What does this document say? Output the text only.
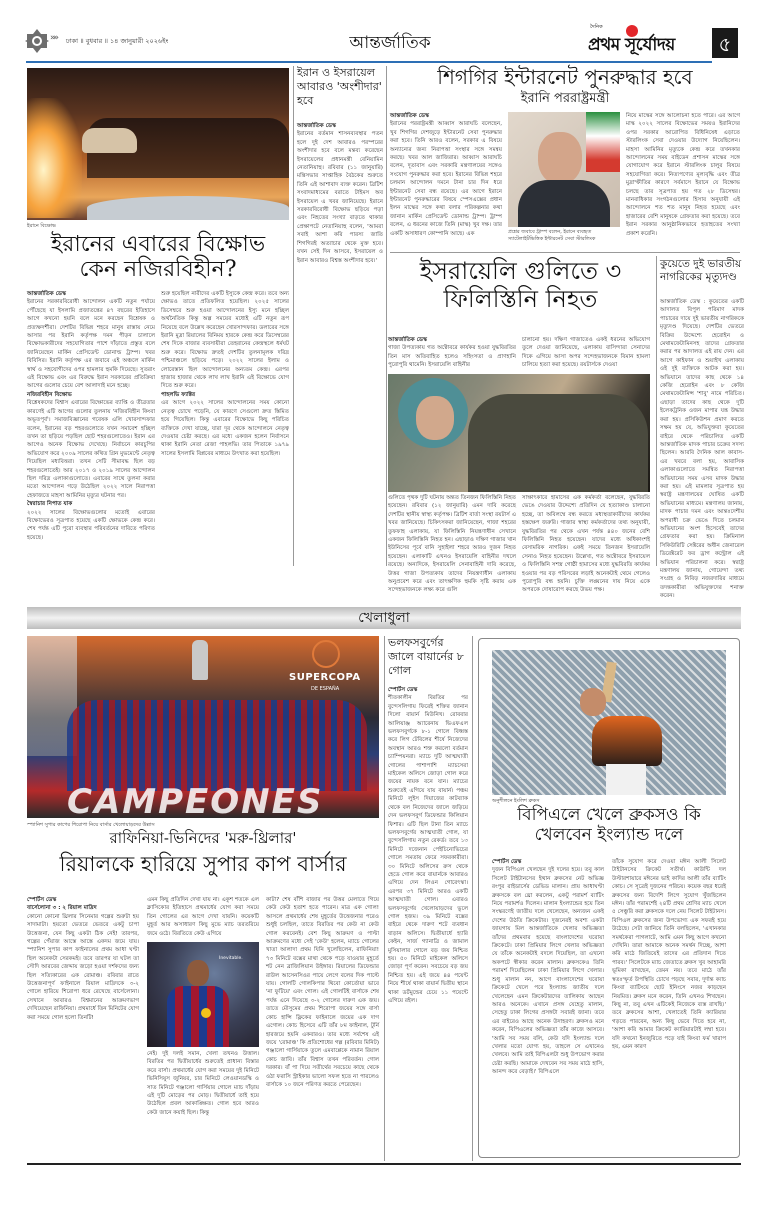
»» ঢাকা ॥ বুধবার ॥ ১৪ জানুয়ারী ২০২৬ইং	আন্তর্জাতিক
দৈনিক
প্রথম সূর্যোদয়	৫
ইরানে বিক্ষোভ
ইরানের এবারের বিক্ষোভ
কেন নজিরবিহীন?
আন্তর্জাতিক ডেস্ক
ইরানের সরকারবিরোধী আন্দোলন একটি নতুন পর্যায়ে পৌঁছেছে যা ইসলামি প্রজাতন্ত্রের ৪৭ বছরের ইতিহাসে আগে কখনো হয়নি বলে মনে করছেন বিশ্লেষক ও প্রত্যক্ষদর্শীরা। দেশটির বিভিন্ন শহরে মানুষ রাস্তায় নেমে আসার পর ইরানি কর্তৃপক্ষ দমন পীড়ন চালালে বিক্ষোভকারীদের সহযোগিতার পাশে দাঁড়াতে প্রস্তুত বলে জানিয়েছেন মার্কিন প্রেসিডেন্ট ডোনাল্ড ট্রাম্প। খবর বিবিসির। ইরানি কর্তৃপক্ষ এর জবাবে এই অঞ্চলে মার্কিন স্বার্থ ও সহযোগীদের ওপর হামলার হুমকি দিয়েছে। সুতরাং এই বিক্ষোভ এবং এর বিরুদ্ধে ইরান সরকারের প্রতিক্রিয়া আগের গুলোর চেয়ে বেশ আলাদাই মনে হচ্ছে।
নজিরবিহীন বিক্ষোভ
বিশ্লেষকদের বিশ্বাস এবারের বিক্ষোভের ব্যাপ্তি ও তীব্রতার কারণেই এটি আগের গুলোর তুলনায় 'নজিরবিহীন কিংবা অভূতপূর্ব'। সমাজবিজ্ঞানের গবেষক এলি খোরসান্দফার বলেন, ইরানের বড় শহরগুলোতে যখন সমাবেশ হচ্ছিল তখন তা ছড়িয়ে পড়ছিল ছোট শহরগুলোতেও। ইরান এর আগেও অনেক বিক্ষোভ দেখেছে। নির্বাচনে কারচুপির অভিযোগ করে ২০০৯ সালের কথিত গ্রিন মুভমেন্টে নেতৃত্ব দিয়েছিল মধ্যবিত্তরা। তখন সেটি সীমাবদ্ধ ছিল বড় শহরগুলোতেই। আর ২০১৭ ও ২০১৯ সালের আন্দোলন ছিল দরিদ্র এলাকাগুলোতে। এবারের সাথে তুলনা করার মতো আন্দোলন গড়ে উঠেছিল ২০২২ সালে নিরাপত্তা হেফাজতে মাহসা আমিনির মৃত্যুর ঘটনার পর।
স্বৈরাচার নিপাত যাক
২০২২ সালের বিক্ষোভগুলোর মতোই এবারের বিক্ষোভেরও সূত্রপাত হয়েছে একটি ক্ষোভকে কেন্দ্র করে। শেষ পর্যন্ত এটি পুরো ব্যবস্থার পরিবর্তনের দাবিতে পরিণত হয়েছে।
শুরু হয়েছিল নারীদের একটি ইস্যুকে কেন্দ্র করে। তবে অন্য ক্ষোভও তাতে প্রতিফলিত হয়েছিল। ২০২৫ সালের ডিসেম্বরে শুরু হওয়া আন্দোলনের ইস্যু মনে হচ্ছিল অর্থনৈতিক কিন্তু অল্প সময়ের মধ্যেই এটি নতুন রূপ নিয়েছে বলে উল্লেখ করেছেন খোরসান্দফার। ডলারের সঙ্গে ইরানি মুদ্রা রিয়ালের বিনিময় হারকে কেন্দ্র করে ডিসেম্বরের শেষ দিকে বাজার ব্যবসায়ীরা তেহরানের কেন্দ্রস্থলে ধর্মঘট শুরু করে। বিক্ষোভ দ্রুতই দেশটির তুলনামূলক দরিদ্র পশ্চিমাঞ্চলে ছড়িয়ে পড়ে। ২০২২ সালের ইলাম ও লোরেস্তান ছিল আন্দোলনের অন্যতম কেন্দ্র। এরপর হাজার হাজার থেকে লাখ লাখ ইরানি এই বিক্ষোভে যোগ দিতে শুরু করে।
পাহলভি ফ্যাক্টর
এর আগে ২০২২ সালের আন্দোলনের সময় কোনো নেতৃত্ব চোখে পড়েনি, যে কারণে সেগুলো দ্রুত স্তিমিত হয়ে গিয়েছিল। কিন্তু এবারের বিক্ষোভে কিছু পরিচিত ব্যক্তিকে দেখা যাচ্ছে, যারা দূর থেকে আন্দোলনে নেতৃত্ব দেওয়ার চেষ্টা করছে। এর মধ্যে একজন হলেন নির্বাসনে থাকা ইরানি নেতা রেজা পাহলভি। তার পিতাকে ১৯৭৯ সালের ইসলামি বিপ্লবের মাধ্যমে উৎখাত করা হয়েছিল।
ইরান ও ইসরায়েল আবারও 'অংশীদার' হবে
আন্তর্জাতিক ডেস্ক
ইরানের বর্তমান শাসনব্যবস্থার পতন হলে দুই দেশ আবারও পরস্পরের অংশীদার হবে বলে মন্তব্য করেছেন ইসরায়েলের প্রধানমন্ত্রী বেনিয়ামিন নেতানিয়াহু। রবিবার (১১ জানুয়ারি) মন্ত্রিসভার সাপ্তাহিক বৈঠকের শুরুতে তিনি এই আশাবাদ ব্যক্ত করেন। ব্রিটিশ সংবাদমাধ্যমের বরাতে টাইমস অব ইসরায়েল এ খবর জানিয়েছে। ইরানে সরকারবিরোধী বিক্ষোভ ছড়িয়ে পড়া এবং নিহতের সংখ্যা বাড়তে থাকার প্রেক্ষাপটে নেতানিয়াহু বলেন, 'আমরা সবাই আশা করি পারস্য জাতি শিগগিরই অত্যাচার থেকে মুক্ত হবে। যখন সেই দিন আসবে, ইসরায়েল ও ইরান আবারও বিশ্বস্ত অংশীদার হবে।'
শিগগির ইন্টারনেট পুনরুদ্ধার হবে
ইরানি পররাষ্ট্রমন্ত্রী
আন্তর্জাতিক ডেস্ক
ইরানের পররাষ্ট্রমন্ত্রী আব্বাস আরাঘচি বলেছেন, খুব শিগগির দেশজুড়ে ইন্টারনেট সেবা পুনরুদ্ধার করা হবে। তিনি আরও বলেন, সরকার এ বিষয়ে অন্যান্যের জন্য নিরাপত্তা সংস্থার সঙ্গে সমন্বয় করছে। খবর আল জাজিরার। আব্বাস আরাঘচি বলেন, দূতাবাস এবং সরকারি মন্ত্রণালয়ের সঙ্গেও সংযোগ পুনরুদ্ধার করা হবে। ইরানের বিভিন্ন শহরে চলমান আন্দোলন দমনে টানা চার দিন ধরে ইন্টারনেট সেবা বন্ধ রয়েছে। এর আগে ইরানে ইন্টারনেট পুনরুদ্ধারের বিষয়ে স্পেসএক্সের প্রধান ইলন মাস্কের সঙ্গে কথা বলার পরিকল্পনার কথা জানান মার্কিন প্রেসিডেন্ট ডোনাল্ড ট্রাম্প। ট্রাম্প বলেন, এ ধরনের কাজে তিনি (মাস্ক) খুব দক্ষ। তার একটি অসাধারণ কোম্পানি আছে। এক	প্রশ্নের জবাবে ট্রাম্প বলেন, ইরানে ব্যবহৃত স্যাটেলাইটভিত্তিক ইন্টারনেট সেবা স্টারলিংক
নিয়ে মাস্কের সঙ্গে আলোচনা হতে পারে। এর আগে মাস্ক ২০২২ সালের বিক্ষোভের সময়ও ইরানিদের ওপর সরকার আরোপিত বিধিনিষেধ এড়াতে স্টারলিংক সেবা দেওয়ার উদ্যোগ নিয়েছিলেন। মাহসা আমিনির মৃত্যুকে কেন্দ্র করে তখনকার আন্দোলনের সময় বাইডেন প্রশাসন মাস্কের সঙ্গে যোগাযোগ করে ইরানে স্টারলিংক চালুর বিষয়ে সহযোগিতা করে। নিত্যপণ্যের মূল্যবৃদ্ধি এবং তীব্র মুদ্রাস্ফীতির কারণে সর্বমাসে ইরানে যে বিক্ষোভ চলছে তার সূত্রপাত হয় গত ২৮ ডিসেম্বর। মানবাধিকার সংগঠনগুলোর হিসাব অনুযায়ী এই আন্দোলনে শত শত মানুষ নিহত হয়েছে এবং হাজারের বেশি মানুষকে গ্রেফতার করা হয়েছে। তবে ইরান সরকার আনুষ্ঠানিকভাবে হতাহতের সংখ্যা প্রকাশ করেনি।
ইসরায়েলি গুলিতে ৩
ফিলিস্তিনি নিহত
আন্তর্জাতিক ডেস্ক
গাজা উপত্যকায় গত অক্টোবরে কার্যকর হওয়া যুদ্ধবিরতির তিন মাস অতিবাহিত হলেও সহিংসতা ও প্রাণহানি পুরোপুরি থামেনি। ইসরায়েলি বাহিনীর
চালানো হয়। দক্ষিণ গাজাতেও একই ধরনের অভিযোগ তুলে দেওয়া জানিয়েছে, এলাকায় বাসিন্দারা সেনাদের দিকে এগিয়ে আসা অপর সন্দেহভাজনকে বিমান হামলা চালিয়ে হত্যা করা হয়েছে। রয়টার্সকে দেওয়া
গুলিতে পৃথক দুটি ঘটনায় অন্তত তিনজন ফিলিস্তিনি নিহত হয়েছেন। রবিবার (১২ জানুয়ারি) এমন দাবি করেছে দেশটির স্থানীয় স্বাস্থ্য কর্তৃপক্ষ। ব্রিটিশ বার্তা সংস্থা রয়টার্স এ খবর জানিয়েছে। চিকিৎসকরা জানিয়েছেন, গাজা শহরের তুফফাহ এলাকায়, যা ফিলিস্তিনি নিয়ন্ত্রণাধীন সেখানে একজন ফিলিস্তিনি নিহত হন। এছাড়াও দক্ষিণ গাজার খান ইউনিসের পূর্বে বানি সুহাইলা শহরে আরও দুজন নিহত হয়েছেন। এলাকাটি এখনও ইসরায়েলি বাহিনীর দখলে রয়েছে। অন্যদিকে, ইসরায়েলি সেনাবাহিনী দাবি করেছে, উত্তর গাজা উপত্যকায় তাদের নিয়ন্ত্রণাধীন এলাকায় অনুপ্রবেশ করে এবং তাৎক্ষণিক হুমকি সৃষ্টি করায় এক সন্দেহভাজনকে লক্ষ্য করে গুলি
সাক্ষাৎকারে হামাসের এক কর্মকর্তা বলেছেন, যুদ্ধবিরতি ভেঙে দেওয়ার উদ্দেশ্যে প্রতিদিন যে হত্যাকাণ্ড চালানো হচ্ছে, তা অবিলম্বে বন্ধ করতে মধ্যস্থতাকারীদের কার্যকর হস্তক্ষেপ জরুরি। গাজার স্বাস্থ্য কর্মকর্তাদের তথ্য অনুযায়ী, যুদ্ধবিরতির পর থেকে এখন পর্যন্ত ৪৪০ জনের বেশি ফিলিস্তিনি নিহত হয়েছেন। যাদের মধ্যে অধিকাংশই বেসামরিক নাগরিক। একই সময়ে তিনজন ইসরায়েলি সেনাও নিহত হয়েছেন। উল্লেখ্য, গত অক্টোবরে ইসরায়েল ও ফিলিস্তিনি সশস্ত্র গোষ্ঠী হামাসের মধ্যে যুদ্ধবিরতি কার্যকর হওয়ার পর বড় পরিসরের লড়াই অনেকটাই থেমে গেলেও পুরোপুরি বন্ধ হয়নি। চুক্তি লঙ্ঘনের দায় নিয়ে একে অপরকে দোষারোপ করছে উভয় পক্ষ।
কুয়েতে দুই ভারতীয় নাগরিকের মৃত্যুদণ্ড
আন্তর্জাতিক ডেস্ক : কুয়েতের একটি আদালত বিপুল পরিমাণ মাদক পাচারের দায়ে দুই ভারতীয় নাগরিককে মৃত্যুদণ্ড দিয়েছে। দেশটির ভেতরে বিক্রির উদ্দেশ্যে হেরোইন ও মেথামফেটামিনসহ তাদের গ্রেফতার করার পর আদালত এই রায় দেন। এর আগে কাইফান ও শুয়াইখ এলাকায় ওই দুই ব্যক্তিকে আটক করা হয়। অভিযানে তাদের কাছ থেকে ১৪ কেজি হেরোইন এবং ৮ কেজি মেথামফেটামিন্স 'শাবু' নামে পরিচিত। এছাড়া তাদের কাছ থেকে দুটি ইলেকট্রনিক ওজন মাপার যন্ত্র উদ্ধার করা হয়। প্রসিকিউশন প্রমাণ করতে সক্ষম হয় যে, অভিযুক্তরা কুয়েতের বাইরে থেকে পরিচালিত একটি আন্তর্জাতিক মাদক পাচার চক্রের সদস্য ছিলেন। আরবি দৈনিক আল কাবাস-এর খবরে বলা হয়, আবাসিক এলাকাগুলোতে সমন্বিত নিরাপত্তা অভিযানের সময় এসব মাদক উদ্ধার করা হয়। এই মামলার সূত্রপাত হয় স্বরাষ্ট্র মন্ত্রণালয়ের ঘোষিত একটি অভিযানের মাধ্যমে। মন্ত্রণালয় জানায়, মাদক পাচার দমন এবং আন্তঃদেশীয় অপরাধী চক্র ভেঙে দিতে চলমান অভিযানের অংশ হিসেবেই তাদের গ্রেফতার করা হয়। ক্রিমিনাল সিকিউরিটি সেক্টরের অধীন জেনারেল ডিরেক্টরেট ফর ড্রাগ কন্ট্রোল এই অভিযান পরিচালনা করে। স্বরাষ্ট্র মন্ত্রণালয় জানায়, গোয়েন্দা তথ্য সংগ্রহ ও নিবিড় নজরদারির মাধ্যমে তদন্তকারীরা অভিযুক্তদের শনাক্ত করেন।
খেলাধুলা
SUPERCOPA
DE ESPAÑA
CAMPEONES
স্প্যানিশ সুপার কাপের শিরোপা নিয়ে বার্সার খেলোয়াড়দের উল্লাস
রাফিনিয়া-ভিনিদের 'মরু-থ্রিলার'
রিয়ালকে হারিয়ে সুপার কাপ বার্সার
স্পোর্টস ডেস্ক
বার্সেলোনা ৩ : ২ রিয়াল মাদ্রিদ
কোনো কোনো থ্রিলার সিনেমার গল্পের শুরুটা হয় সাদামাটা। হয়তো ভেতরে ভেতরে একটু চাপা উত্তেজনা, যেন কিছু একটা ঠিক নেই! তারপর, গল্পের পেঁয়াজ আস্তে আস্তে একদম জমে যায়। স্প্যানিশ সুপার কাপ ফাইনালের প্রথম আধা ঘণ্টা ছিল অনেকটা সেরকমই। তবে তারপর যা ঘটল তা সৌদি আরবের জেদ্দায় জড়ো হওয়া দর্শকদের জন্য ছিল সত্যিকারের এক রোমাঞ্চ। রবিবার রাতে উত্তেজনাপূর্ণ ফাইনালে রিয়াল মাদ্রিদকে ৩-২ গোলে হারিয়ে শিরোপা ধরে রেখেছে বার্সেলোনা। সেখানে আবারও বিশ্বমানের আক্রমণভাগ দেখিয়েছেন রাফিনিয়া। প্রথমার্ধে তিন মিনিটের যোগ করা সময়ে গোল হলো তিনটি!
এমন কিছু প্রতিদিন দেখা যায় না। একুশ শতকে এল ক্লাসিকোর ইতিহাসে প্রথমার্ধের যোগ করা সময়ে তিন গোলের এর আগে দেখা যায়নি। কয়েকটি মুহূর্ত আর অসাধারণ কিছু মুভে ম্যাচ তরতরিয়ে জমে ওঠে। বিরতিতে কেউ এগিয়ে
Inevitable.
নেই। দুই দলই সমান, খেলা তখনও উত্তাল। বিরতির পর দ্বিতীয়ার্ধের শুরুতেই প্রাধান্য বিস্তার করে বার্সা। প্রথমার্ধের যোগ করা সময়ের দুই মিনিটে ভিনিসিয়ুস জুনিয়র, চার মিনিটে লেওয়ানডস্কি ও সাত মিনিটে গঞ্জালো গার্সিয়ার গোলে ম্যাচ দাঁড়ায় এই দুটি মোড়ের পর মোড়। দ্বিতীয়ার্ধে তাই হয়ে উঠেছিল প্রবল আকাঙ্ক্ষিত। গোল হবে আরও কেউ জানে কয়াই ছিল। কিন্তু
কাটা? শেষ বাঁশি বাজার পর উত্তর মেলাতে গিয়ে কেউ কেউ হতাশ হতে পারেন। মাত্র এক গোল! আসলে প্রথমার্ধের শেষ মুহূর্তের উত্তেজনার পরেও শুধুই চলছিল, তাতে বিরতির পর কেউ না কেউ গোল করবেনই। বেশ কিছু আক্রমণ ও পাল্টা আক্রমণের মধ্যে সেই 'কেউ' হলেন, ম্যাচে গোলের খাতা আলাদা প্রথম যিনি খুলেছিলেন, রাফিনিয়া! ৭৩ মিনিটে বক্সের মাথা থেকে পড়ে যাওয়ার মুহূর্তে শট নেন ব্রাজিলিয়ান উইঙ্গার। রিয়ালের ডিফেন্ডার রাউল আসেনসিওর পায়ে লেগে বলের দিক পাল্টে যায়। গোলটি গোলকিপার থিবো কোর্তোয়া ভাবে 'না ফুটিয়ে' এবং গোল। এই গোলটিই বার্সাকে শেষ পর্যন্ত এনে দিয়েছে ৩-২ গোলের দারুণ এক জয়। তাতে মৌসুমের প্রথম শিরোপা জয়ের সঙ্গে বার্সা কোচ হান্সি ফ্লিকের ফাইনালে জয়ের এক দাগ এগোল। কোচ হিসেবে এটি তাঁর ৮ম ফাইনাল, টুর্নি হারজয়ে হয়নি একবারও। তার মধ্যে সর্বশেষ এই জয়ে 'রোমাঞ্চ' কি প্রতিশোধের গল্প (রবিবার মিনিট) গঞ্জালো গার্সিয়াকে তুলে এমবাপ্পেকে নামান রিয়াল কোচ জাবি। তাঁর বিশ্বাস তখন পরিবর্তন। গোল দরকার। বাঁ পা দিয়ে সতীর্থের সবচেয়ে কাছে থেকে ওঠা ফরাসি স্ট্রাইকার ভালো সফল হতে না পারলেও বার্সাকে ১০ জনে পরিণত করতে পেরেছেন।
ভলফসবুর্গের জালে বায়ার্নের ৮ গোল
স্পোর্টস ডেস্ক
শীতকালীন বিরতির পর বুন্দেসলিগায় ফিরেই শক্তির জানান দিলো বায়ার্ন মিউনিখ। রোববার আলিয়াঞ্জ অ্যারেনায় ভিএফএল ভলফসবুর্গকে ৮-১ গোলে বিধ্বস্ত করে লিগ টেবিলের শীর্ষে নিজেদের অবস্থান আরও শক্ত করলো বর্তমান চ্যাম্পিয়নরা। ম্যাচে দুটি আত্মঘাতী গোলের পাশাপাশি ম্যাচসেরা মাইকেল অলিসে জোড়া গোল করে জয়ের নায়ক বনে যান। ম্যাচের শুরুতেই এগিয়ে যায় বায়ার্ন। পঞ্চম মিনিটে লুইস দিয়াজের কাটব্যাক থেকে বল নিজেদের জালে জড়িয়ে দেন ভলফসবুর্গ ডিফেন্ডার কিলিয়ান ফিশার। এটি ছিল টানা তিন ম্যাচে ভলফসবুর্গের আত্মঘাতী গোল, যা বুন্দেসলিগায় নতুন রেকর্ড। তবে ১৩ মিনিটে দজেনান পেইচিনোভিচের গোলে সমতায় ফেরে সফরকারীরা। ৩০ মিনিটে অলিসের ক্রস থেকে হেডে গোল করে বায়ার্নকে আবারও এগিয়ে দেন লিওন গোরেৎস্কা। এরপর ৩৭ মিনিটে আরও একটি আত্মঘাতী গোল। এবারও ভলফসবুর্গের খেলোয়াড়দের ভুলে গোল হজম। ৩৯ মিনিটে বক্সের বাইরে থেকে দারুণ শটে ব্যবধান বাড়ান অলিসে। দ্বিতীয়ার্ধে হ্যারি কেইন, সার্জ গ্যানাব্রি ও জামাল মুসিয়ালার গোলে বড় জয় নিশ্চিত হয়। ৫০ মিনিটে মাইকেল অলিসে জোড়া পূর্ণ করেন। সবচেয়ে বড় জয় নিশ্চিত হয়। এই জয়ে ৪৪ পয়েন্ট নিয়ে শীর্ষে থাকা বায়ার্ন দ্বিতীয় স্থানে থাকা ডর্টমুন্ডের চেয়ে ১১ পয়েন্টে এগিয়ে রইল।
অনুশীলনে ইংলিশ ব্রুকস
বিপিএলে খেলে ব্রুকসও কি
খেলবেন ইংল্যান্ড দলে
স্পোর্টস ডেস্ক
দুজন বিপিএল খেলছেন দুই দলের হয়ে। তবু কাল সিলেট টাইটানসের ইথান ব্রুকসের নেট অভিজ্ঞ রংপুর রাইডার্সের ডেভিড মালান। প্রায় আধাঘণ্টা ব্রুকসকে বল থ্রো করলেন, একটু পরামর্শ ব্যাটিং নিয়ে পরামর্শও দিলেন। মালান ইংল্যান্ডের হয়ে তিন সংস্করণেই জাতীয় দলে খেলেছেন, অন্যজন একই দেশের উঠতি ক্রিকেটার। দুজনেরই অবশ্য একটা জায়গায় মিল আন্তর্জাতিকে খেলার অভিজ্ঞতা তাঁদের প্রথমবার হয়েছে বাংলাদেশের ঘরোয়া ক্রিকেটে। ঢাকা প্রিমিয়ার লিগে খেলার অভিজ্ঞতা যে তাঁকে অনেকটাই বদলে দিয়েছিল, তা এখনো অকপটে স্বীকার করেন মালান। ব্রুকসকেও তিনি পরামর্শ দিয়েছিলেন ঢাকা প্রিমিয়ার লিগে খেলার। শুধু মালান নন, আগে বাংলাদেশের ঘরোয়া ক্রিকেটে খেলে পরে ইংল্যান্ড জাতীয় দলে খেলেছেন এমন ক্রিকেটারদের তালিকায় আছেন আরও অনেকে। এখানে প্রসঙ্গ যেহেতু মালান, সেহেতু ঢাকা লিগের প্রসঙ্গটা সবারই জানা। তবে এর বাইরেও আছে অনেক উদাহরণ। ব্রুকসও মনে করেন, বিপিএলের অভিজ্ঞতা তাঁর কাজে আসবে। 'আমি সব সময় বলি, কেউ যদি ইংল্যান্ড দলে খেলার মতো যোগ্য হয়, তাহলে সে এখানেও খেলবে। আমি তাই বিপিএলটা শুধু উপভোগ করার চেষ্টা করছি। আমাকে দেখবেন সব সময় মাঠে হাসি, আনন্দ করে বেড়াই।' বিপিএলে
তাঁকে সুযোগ করে দেওয়া মঈন আলী সিলেট টাইটানসের ক্রিকেট সতীর্থ। কাউন্টি দল উস্টারশায়ারে মঈনের ভাই কাদির আলী তাঁর ব্যাটিং কোচ। সে সূত্রেই দুজনের পরিচয়। কয়েক বছর ধরেই ব্রুকসের জন্য বিদেশি লিগে সুযোগ খুঁজছিলেন মঈন। তাঁর পরামর্শেই ২৪টি প্রথম শ্রেণির ম্যাচ খেলে ৫ সেঞ্চুরি করা ব্রুকসকে দলে নেয় সিলেট টাইটানস। বিপিএল ব্রুকসের জন্য উপভোগ্য এক সফরই হয়ে উঠেছে। সেটা জানিয়ে তিনি বলছিলেন, 'এখানকার সমর্থকেরা পাগলাটে, আমি এমন কিছু আগে কখনো দেখিনি। তারা আমাকে অনেক সমর্থন দিচ্ছে, আশা করি মাঠে জিতিয়েই তাদের এর প্রতিদান দিতে পারব।' সিলেটকে ম্যাচ জেতাতে ব্রুকস খুব আহামরি ভূমিকা রাখছেন, তেমন নয়। তবে মাঠে তাঁর স্বতঃস্ফূর্ত উপস্থিতি চোখে পড়ছে সবার, দুর্দান্ত ক্যাচ কিংবা ব্যাটিংয়ে ছোট ইনিংসে নজর কাড়ছেন নিয়মিত। ব্রুকস মনে করেন, তিনি এখনও শিখছেন। কিছু না, তবু এখন এটিকেই নিজেকে ব্যস্ত রাখছি।' তবে ব্রুকসের আশা, খেলাতেই তিনি ক্যারিয়ার গড়তে পারবেন, অন্য কিছু ভেবে দিতে হবে না, 'আশা করি আমার ক্রিকেট ক্যারিয়ারটাই লম্বা হবে। যদি কখনো ইনজুরিতে পড়ে যাই কিংবা ফর্ম খারাপ হয়, এমন কারণ
